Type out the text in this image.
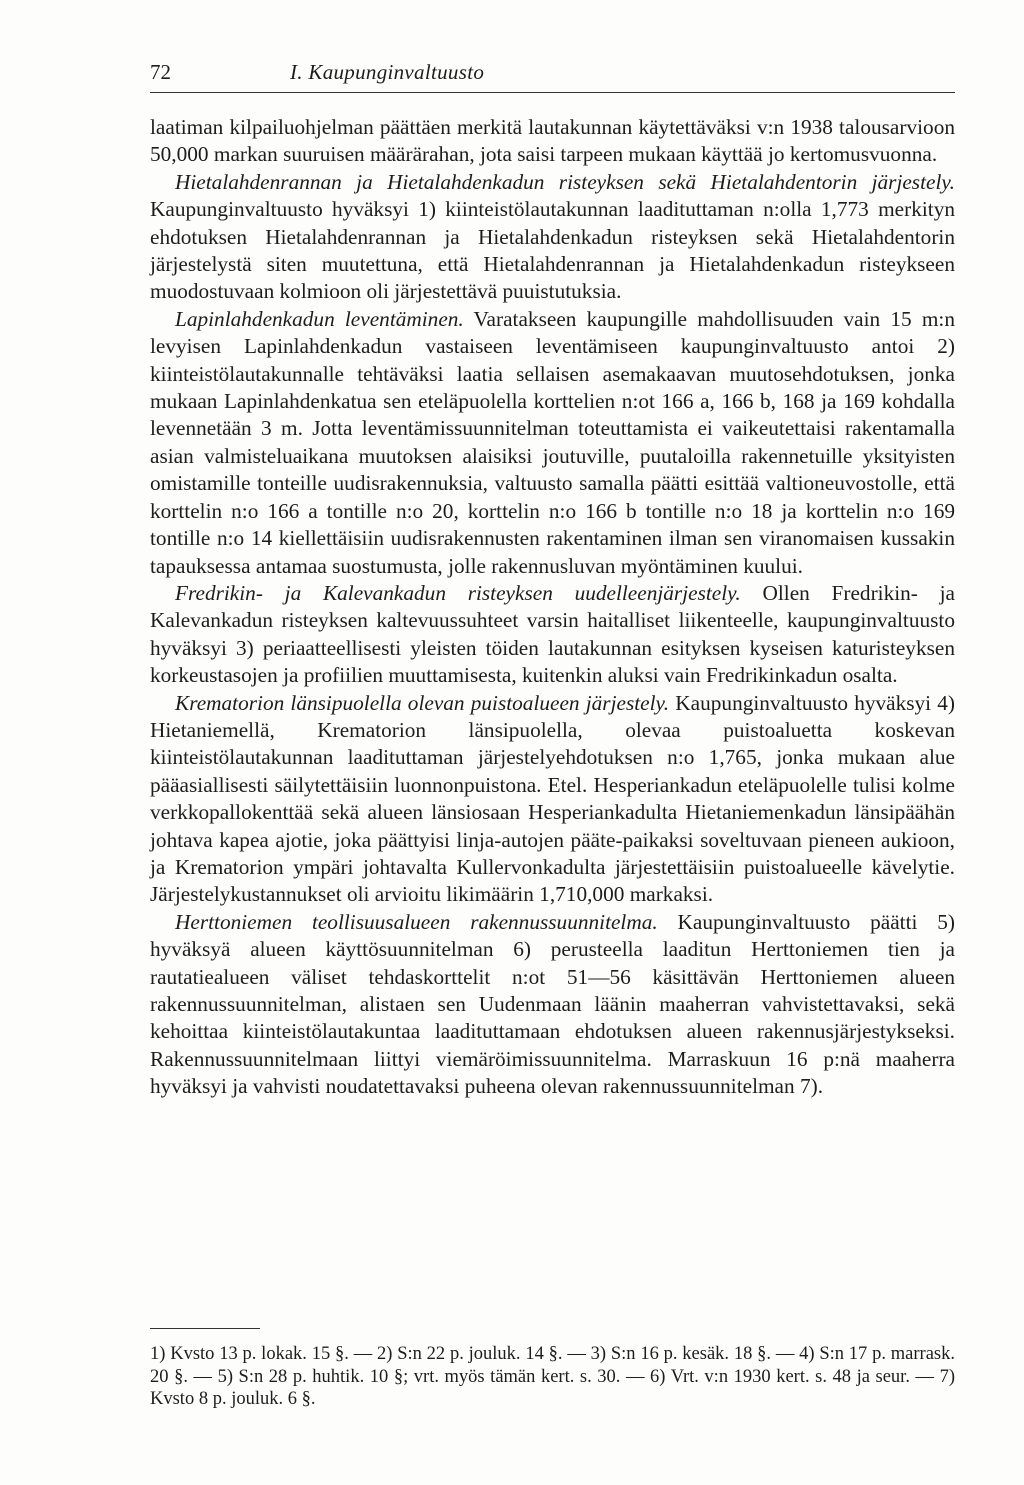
72	I. Kaupunginvaltuusto

laatiman kilpailuohjelman päättäen merkitä lautakunnan käytettäväksi v:n 1938 talousarvioon 50,000 markan suuruisen määrärahan, jota saisi tarpeen mukaan käyttää jo kertomusvuonna.

Hietalahdenrannan ja Hietalahdenkadun risteyksen sekä Hietalahdentorin järjestely. Kaupunginvaltuusto hyväksyi 1) kiinteistölautakunnan laadituttaman n:olla 1,773 merkityn ehdotuksen Hietalahdenrannan ja Hietalahdenkadun risteyksen sekä Hietalahdentorin järjestelystä siten muutettuna, että Hietalahdenrannan ja Hietalahdenkadun risteykseen muodostuvaan kolmioon oli järjestettävä puuistutuksia.

Lapinlahdenkadun leventäminen. Varatakseen kaupungille mahdollisuuden vain 15 m:n levyisen Lapinlahdenkadun vastaiseen leventämiseen kaupunginvaltuusto antoi 2) kiinteistölautakunnalle tehtäväksi laatia sellaisen asemakaavan muutosehdotuksen, jonka mukaan Lapinlahdenkatua sen eteläpuolella korttelien n:ot 166 a, 166 b, 168 ja 169 kohdalla levennetään 3 m. Jotta leventämissuunnitelman toteuttamista ei vaikeutettaisi rakentamalla asian valmisteluaikana muutoksen alaisiksi joutuville, puutaloilla rakennetuille yksityisten omistamille tonteille uudisrakennuksia, valtuusto samalla päätti esittää valtioneuvostolle, että korttelin n:o 166 a tontille n:o 20, korttelin n:o 166 b tontille n:o 18 ja korttelin n:o 169 tontille n:o 14 kiellettäisiin uudisrakennusten rakentaminen ilman sen viranomaisen kussakin tapauksessa antamaa suostumusta, jolle rakennusluvan myöntäminen kuului.

Fredrikin- ja Kalevankadun risteyksen uudelleenjärjestely. Ollen Fredrikin- ja Kalevankadun risteyksen kaltevuussuhteet varsin haitalliset liikenteelle, kaupunginvaltuusto hyväksyi 3) periaatteellisesti yleisten töiden lautakunnan esityksen kyseisen katuristeyksen korkeustasojen ja profiilien muuttamisesta, kuitenkin aluksi vain Fredrikinkadun osalta.

Krematorion länsipuolella olevan puistoalueen järjestely. Kaupunginvaltuusto hyväksyi 4) Hietaniemellä, Krematorion länsipuolella, olevaa puistoaluetta koskevan kiinteistölautakunnan laadituttaman järjestelyehdotuksen n:o 1,765, jonka mukaan alue pääasiallisesti säilytettäisiin luonnonpuistona. Etel. Hesperiankadun eteläpuolelle tulisi kolme verkkopallokenttää sekä alueen länsiosaan Hesperiankadulta Hietaniemenkadun länsipäähän johtava kapea ajotie, joka päättyisi linja-autojen pääte-paikaksi soveltuvaan pieneen aukioon, ja Krematorion ympäri johtavalta Kullervonkadulta järjestettäisiin puistoalueelle kävelytie. Järjestelykustannukset oli arvioitu likimäärin 1,710,000 markaksi.

Herttoniemen teollisuusalueen rakennussuunnitelma. Kaupunginvaltuusto päätti 5) hyväksyä alueen käyttösuunnitelman 6) perusteella laaditun Herttoniemen tien ja rautatiealueen väliset tehdaskorttelit n:ot 51—56 käsittävän Herttoniemen alueen rakennussuunnitelman, alistaen sen Uudenmaan läänin maaherran vahvistettavaksi, sekä kehoittaa kiinteistölautakuntaa laadituttamaan ehdotuksen alueen rakennusjärjestykseksi. Rakennussuunnitelmaan liittyi viemäröimissuunnitelma. Marraskuun 16 p:nä maaherra hyväksyi ja vahvisti noudatettavaksi puheena olevan rakennussuunnitelman 7).

1) Kvsto 13 p. lokak. 15 §. — 2) S:n 22 p. jouluk. 14 §. — 3) S:n 16 p. kesäk. 18 §. — 4) S:n 17 p. marrask. 20 §. — 5) S:n 28 p. huhtik. 10 §; vrt. myös tämän kert. s. 30. — 6) Vrt. v:n 1930 kert. s. 48 ja seur. — 7) Kvsto 8 p. jouluk. 6 §.
